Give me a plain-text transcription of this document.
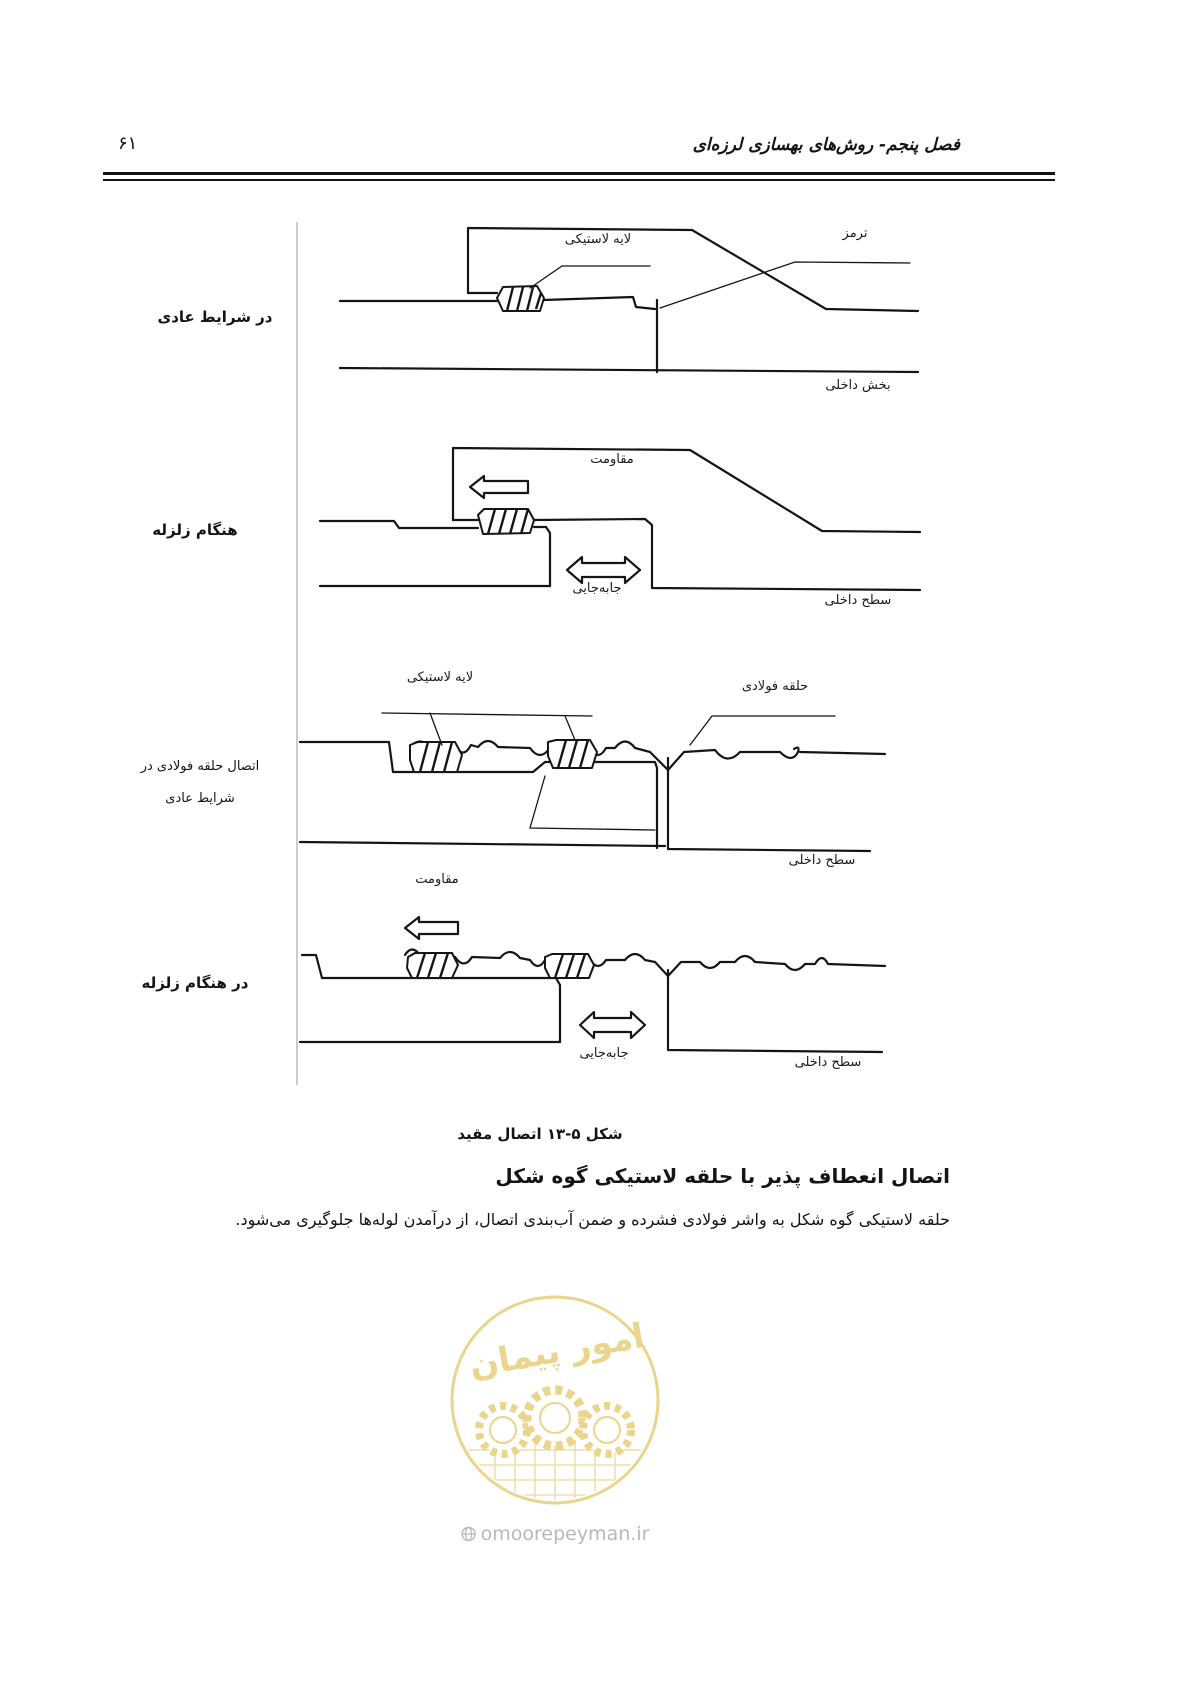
۶۱	فصل پنجم- روش‌های بهسازی لرزه‌ای
لایه لاستیکی	ترمز
در شرایط عادی
بخش داخلی
مقاومت
هنگام زلزله
جابه‌جایی
سطح داخلی
لایه لاستیکی
حلقه فولادی
اتصال حلقه فولادی در
شرایط عادی
سطح داخلی
مقاومت
در هنگام زلزله
جابه‌جایی
سطح داخلی
شکل ۵-۱۳ اتصال مقید
اتصال انعطاف پذیر با حلقه لاستیکی گوه شکل
حلقه لاستیکی گوه شکل به واشر فولادی فشرده و ضمن آب‌بندی اتصال، از درآمدن لوله‌ها جلوگیری می‌شود.
امور پیمان
omoorepeyman.ir
